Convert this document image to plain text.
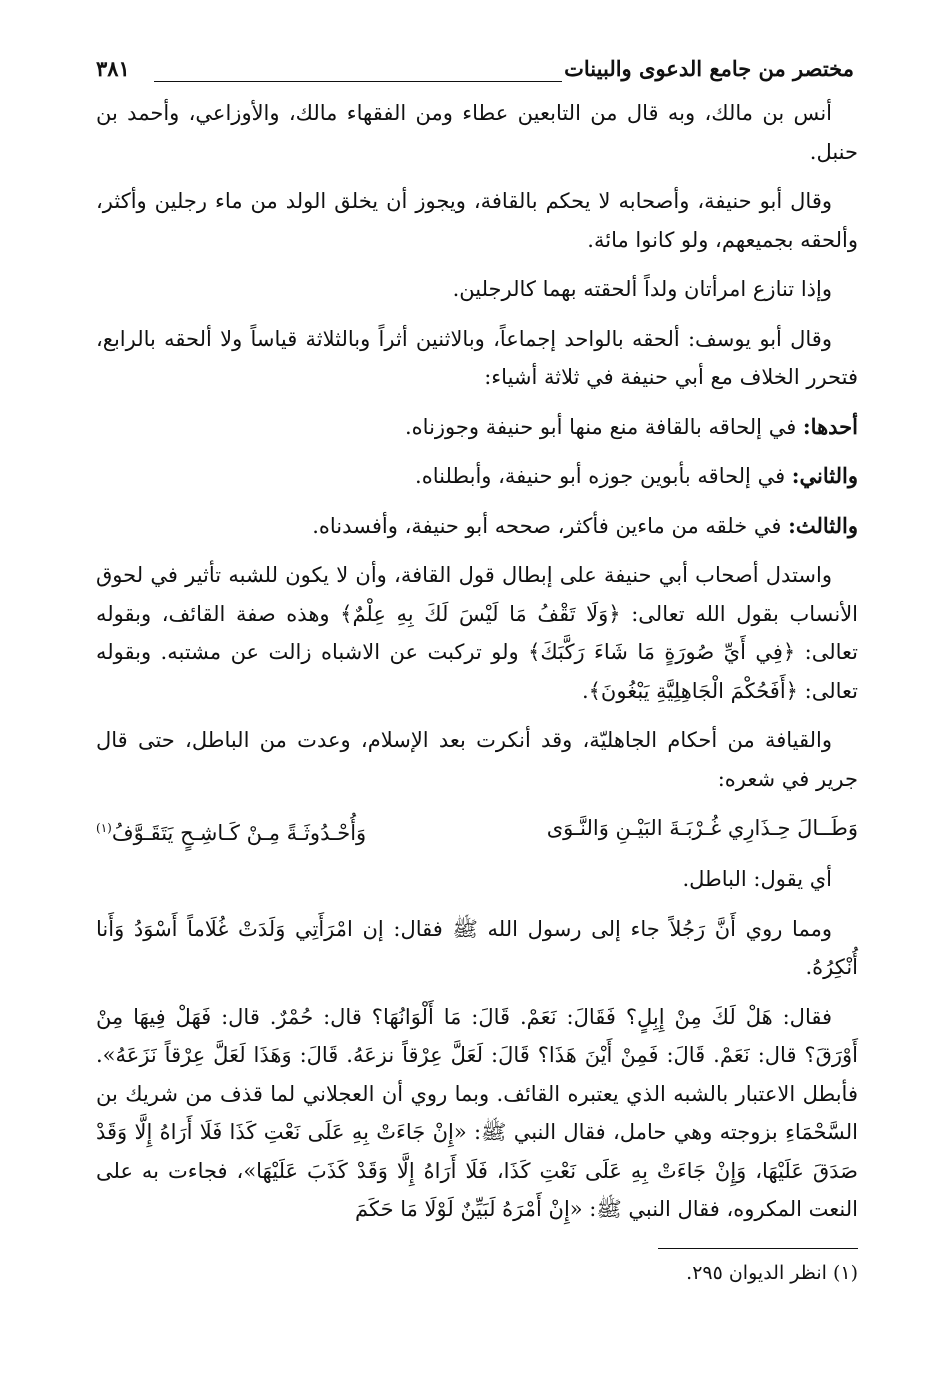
مختصر من جامع الدعوى والبينات
٣٨١

أنس بن مالك، وبه قال من التابعين عطاء ومن الفقهاء مالك، والأوزاعي، وأحمد بن حنبل.

وقال أبو حنيفة، وأصحابه لا يحكم بالقافة، ويجوز أن يخلق الولد من ماء رجلين وأكثر، وألحقه بجميعهم، ولو كانوا مائة.

وإذا تنازع امرأتان ولداً ألحقته بهما كالرجلين.

وقال أبو يوسف: ألحقه بالواحد إجماعاً، وبالاثنين أثراً وبالثلاثة قياساً ولا ألحقه بالرابع، فتحرر الخلاف مع أبي حنيفة في ثلاثة أشياء:

أحدها: في إلحاقه بالقافة منع منها أبو حنيفة وجوزناه.

والثاني: في إلحاقه بأبوين جوزه أبو حنيفة، وأبطلناه.

والثالث: في خلقه من ماءين فأكثر، صححه أبو حنيفة، وأفسدناه.

واستدل أصحاب أبي حنيفة على إبطال قول القافة، وأن لا يكون للشبه تأثير في لحوق الأنساب بقول الله تعالى: ﴿وَلَا تَقْفُ مَا لَيْسَ لَكَ بِهِ عِلْمٌ﴾ وهذه صفة القائف، وبقوله تعالى: ﴿فِي أَيِّ صُورَةٍ مَا شَاءَ رَكَّبَكَ﴾ ولو تركبت عن الاشباه زالت عن مشتبه. وبقوله تعالى: ﴿أَفَحُكْمَ الْجَاهِلِيَّةِ يَبْغُونَ﴾.

والقيافة من أحكام الجاهليّة، وقد أنكرت بعد الإسلام، وعدت من الباطل، حتى قال جرير في شعره:

وَطَــالَ حِـذَارِي غُـرْبَـةَ البَيْـنِ وَالنَّـوَى
وَأُحْـدُوثَـةً مِـنْ كَـاشِـحٍ يَتَقَـوَّفُ$^{(١)}$

أي يقول: الباطل.

ومما روي أَنَّ رَجُلاً جاء إلى رسول الله ﷺ فقال: إن امْرَأَتِي وَلَدَتْ غُلَاماً أَسْوَدُ وَأَنا أُنْكِرُهُ.

فقال: هَلْ لَكَ مِنْ إِبِلٍ؟ فَقَالَ: نَعَمْ. قَالَ: مَا أَلْوَانُهَا؟ قال: حُمْرٌ. قال: فَهَلْ فِيهَا مِنْ أَوْرَقَ؟ قال: نَعَمْ. قَالَ: فَمِنْ أَيْنَ هَذَا؟ قَالَ: لَعَلَّ عِرْقاً نزعَهُ. قَالَ: وَهَذَا لَعَلَّ عِرْقاً نَزَعَهُ». فأبطل الاعتبار بالشبه الذي يعتبره القائف. وبما روي أن العجلاني لما قذف من شريك بن السَّحْمَاءِ بزوجته وهي حامل، فقال النبي ﷺ: «إِنْ جَاءَتْ بِهِ عَلَى نَعْتِ كَذَا فَلَا أَرَاهُ إِلَّا وَقَدْ صَدَقَ عَلَيْهَا، وَإِنْ جَاءَتْ بِهِ عَلَى نَعْتِ كَذَا، فَلَا أَرَاهُ إِلَّا وَقَدْ كَذَبَ عَلَيْهَا»، فجاءت به على النعت المكروه، فقال النبي ﷺ: «إِنْ أَمْرَهُ لَبَيِّنٌ لَوْلَا مَا حَكَمَ

(١) انظر الديوان ٢٩٥.
